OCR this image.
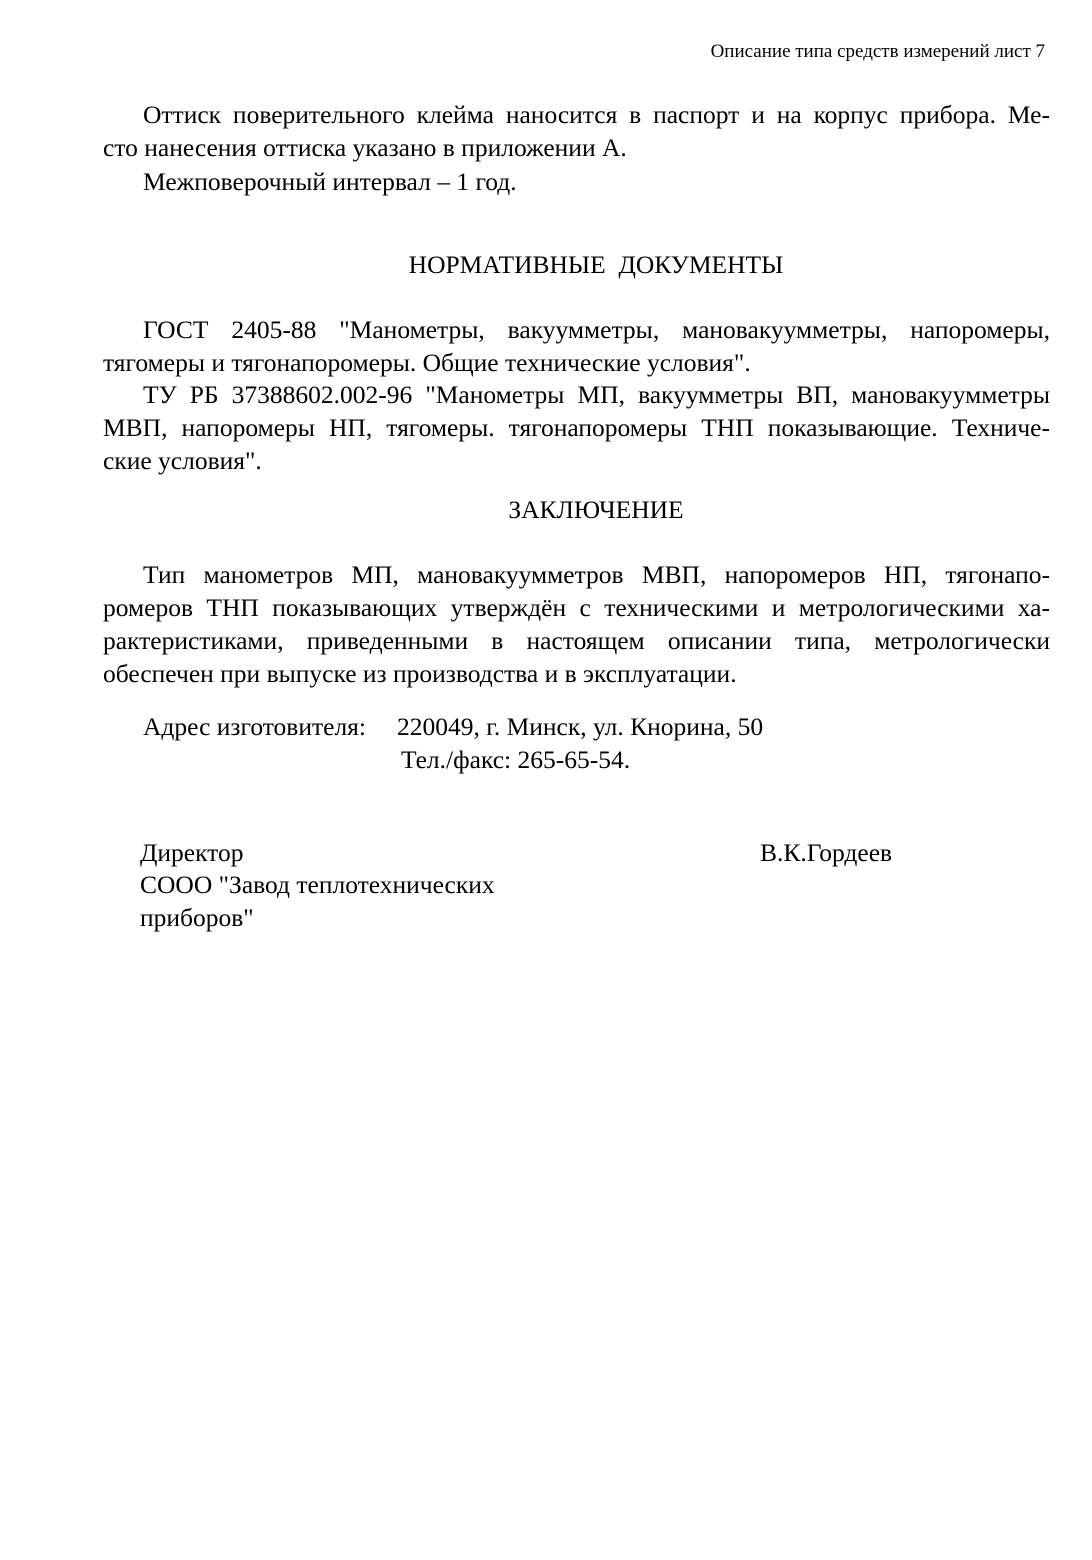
Описание типа средств измерений лист 7
Оттиск поверительного клейма наносится в паспорт и на корпус прибора. Ме-
сто нанесения оттиска указано в приложении А.
Межповерочный интервал – 1 год.
НОРМАТИВНЫЕ  ДОКУМЕНТЫ
ГОСТ 2405-88 "Манометры, вакуумметры, мановакуумметры, напоромеры,
тягомеры и тягонапоромеры. Общие технические условия".
ТУ РБ 37388602.002-96 "Манометры МП, вакуумметры ВП, мановакуумметры
МВП, напоромеры НП, тягомеры. тягонапоромеры ТНП показывающие. Техниче-
ские условия".
ЗАКЛЮЧЕНИЕ
Тип манометров МП, мановакуумметров МВП, напоромеров НП, тягонапо-
ромеров ТНП показывающих утверждён с техническими и метрологическими ха-
рактеристиками, приведенными в настоящем описании типа, метрологически
обеспечен при выпуске из производства и в эксплуатации.
Адрес изготовителя: 220049, г. Минск, ул. Кнорина, 50
Тел./факс: 265-65-54.
Директор	В.К.Гордеев
СООО "Завод теплотехнических
приборов"
